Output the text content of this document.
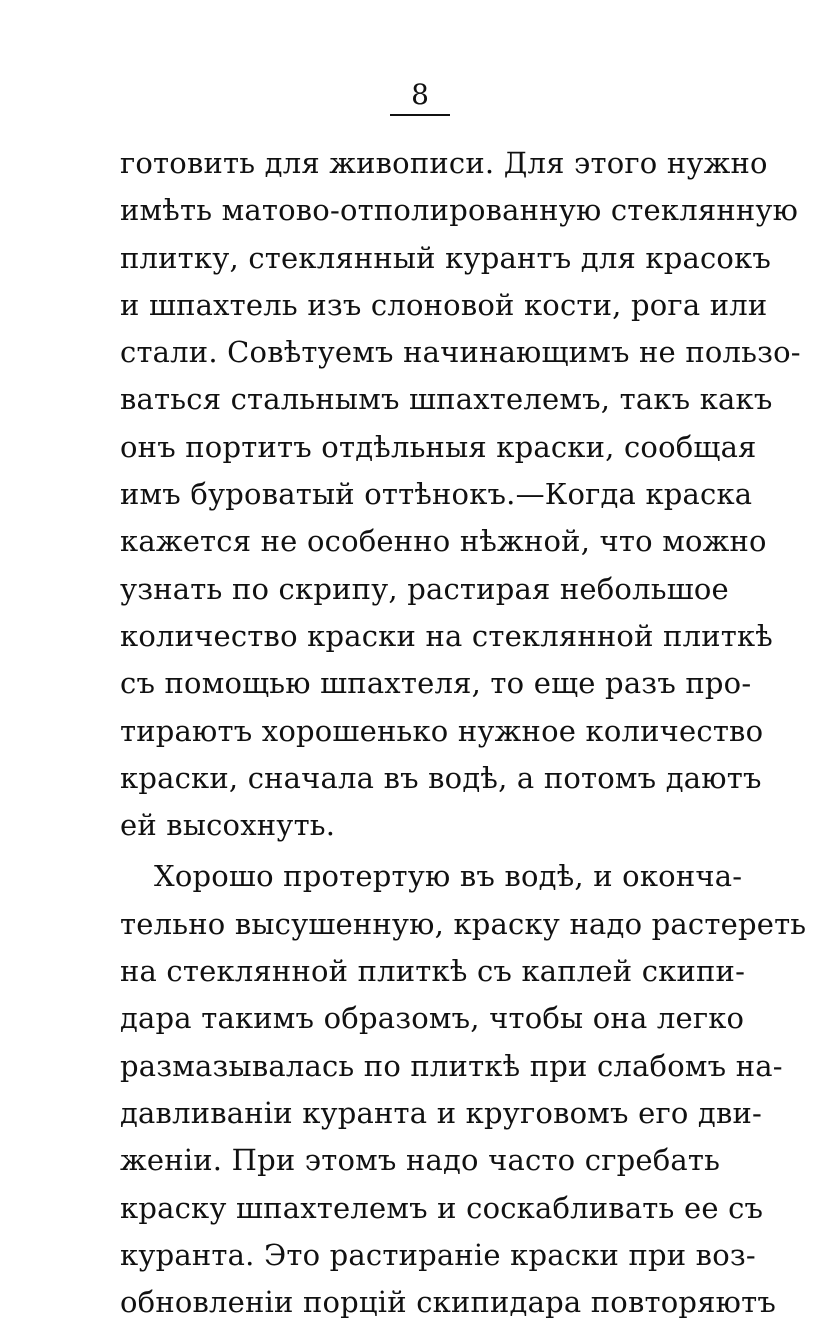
8
готовить для живописи. Для этого нужно
имѣть матово-отполированную стеклянную
плитку, стеклянный курантъ для красокъ
и шпахтель изъ слоновой кости, рога или
стали. Совѣтуемъ начинающимъ не пользо-
ваться стальнымъ шпахтелемъ, такъ какъ
онъ портитъ отдѣльныя краски, сообщая
имъ буроватый оттѣнокъ.—Когда краска
кажется не особенно нѣжной, что можно
узнать по скрипу, растирая небольшое
количество краски на стеклянной плиткѣ
съ помощью шпахтеля, то еще разъ про-
тираютъ хорошенько нужное количество
краски, сначала въ водѣ, а потомъ даютъ
ей высохнуть.
Хорошо протертую въ водѣ, и оконча-
тельно высушенную, краску надо растереть
на стеклянной плиткѣ съ каплей скипи-
дара такимъ образомъ, чтобы она легко
размазывалась по плиткѣ при слабомъ на-
давливаніи куранта и круговомъ его дви-
женіи. При этомъ надо часто сгребать
краску шпахтелемъ и соскабливать ее съ
куранта. Это растираніе краски при воз-
обновленіи порцій скипидара повторяютъ
